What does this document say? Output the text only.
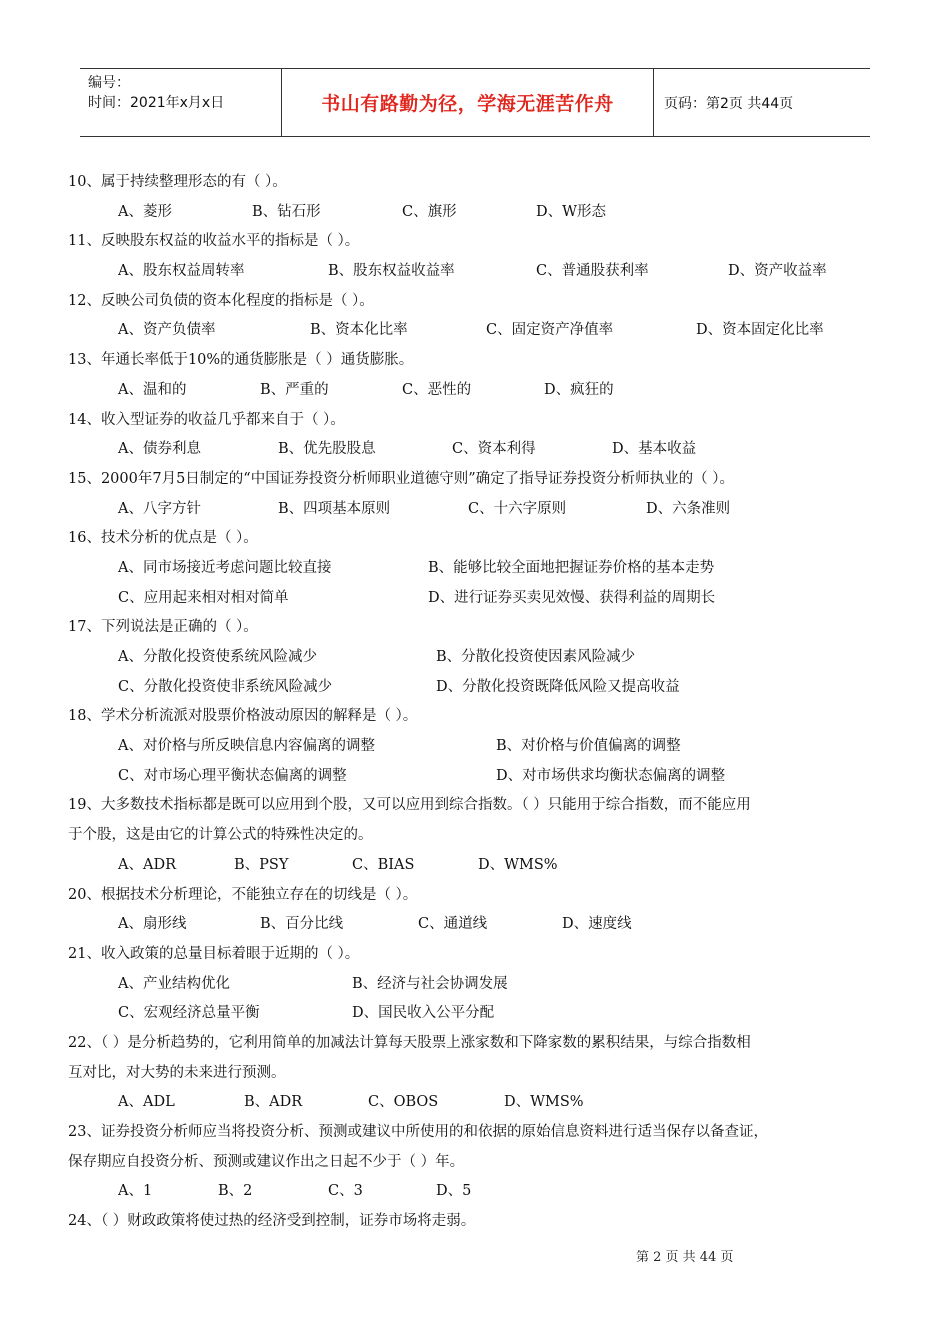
编号：
时间：2021年x月x日	书山有路勤为径，学海无涯苦作舟	页码：第2页 共44页
10、属于持续整理形态的有（ ）。
A、菱形	B、钻石形	C、旗形	D、W形态
11、反映股东权益的收益水平的指标是（ ）。
A、股东权益周转率	B、股东权益收益率	C、普通股获利率	D、资产收益率
12、反映公司负债的资本化程度的指标是（ ）。
A、资产负债率	B、资本化比率	C、固定资产净值率	D、资本固定化比率
13、年通长率低于10%的通货膨胀是（ ）通货膨胀。
A、温和的	B、严重的	C、恶性的	D、疯狂的
14、收入型证券的收益几乎都来自于（ ）。
A、债券利息	B、优先股股息	C、资本利得	D、基本收益
15、2000年7月5日制定的“中国证券投资分析师职业道德守则”确定了指导证券投资分析师执业的（ ）。
A、八字方针	B、四项基本原则	C、十六字原则	D、六条准则
16、技术分析的优点是（ ）。
A、同市场接近考虑问题比较直接	B、能够比较全面地把握证券价格的基本走势
C、应用起来相对相对简单	D、进行证券买卖见效慢、获得利益的周期长
17、下列说法是正确的（ ）。
A、分散化投资使系统风险减少	B、分散化投资使因素风险减少
C、分散化投资使非系统风险减少	D、分散化投资既降低风险又提高收益
18、学术分析流派对股票价格波动原因的解释是（ ）。
A、对价格与所反映信息内容偏离的调整	B、对价格与价值偏离的调整
C、对市场心理平衡状态偏离的调整	D、对市场供求均衡状态偏离的调整
19、大多数技术指标都是既可以应用到个股，又可以应用到综合指数。（ ）只能用于综合指数，而不能应用
于个股，这是由它的计算公式的特殊性决定的。
A、ADR	B、PSY	C、BIAS	D、WMS%
20、根据技术分析理论，不能独立存在的切线是（ ）。
A、扇形线	B、百分比线	C、通道线	D、速度线
21、收入政策的总量目标着眼于近期的（ ）。
A、产业结构优化	B、经济与社会协调发展
C、宏观经济总量平衡	D、国民收入公平分配
22、（ ）是分析趋势的，它利用简单的加减法计算每天股票上涨家数和下降家数的累积结果，与综合指数相
互对比，对大势的未来进行预测。
A、ADL	B、ADR	C、OBOS	D、WMS%
23、证券投资分析师应当将投资分析、预测或建议中所使用的和依据的原始信息资料进行适当保存以备查证，
保存期应自投资分析、预测或建议作出之日起不少于（ ）年。
A、1	B、2	C、3	D、5
24、（ ）财政政策将使过热的经济受到控制，证券市场将走弱。
第 2 页 共 44 页
